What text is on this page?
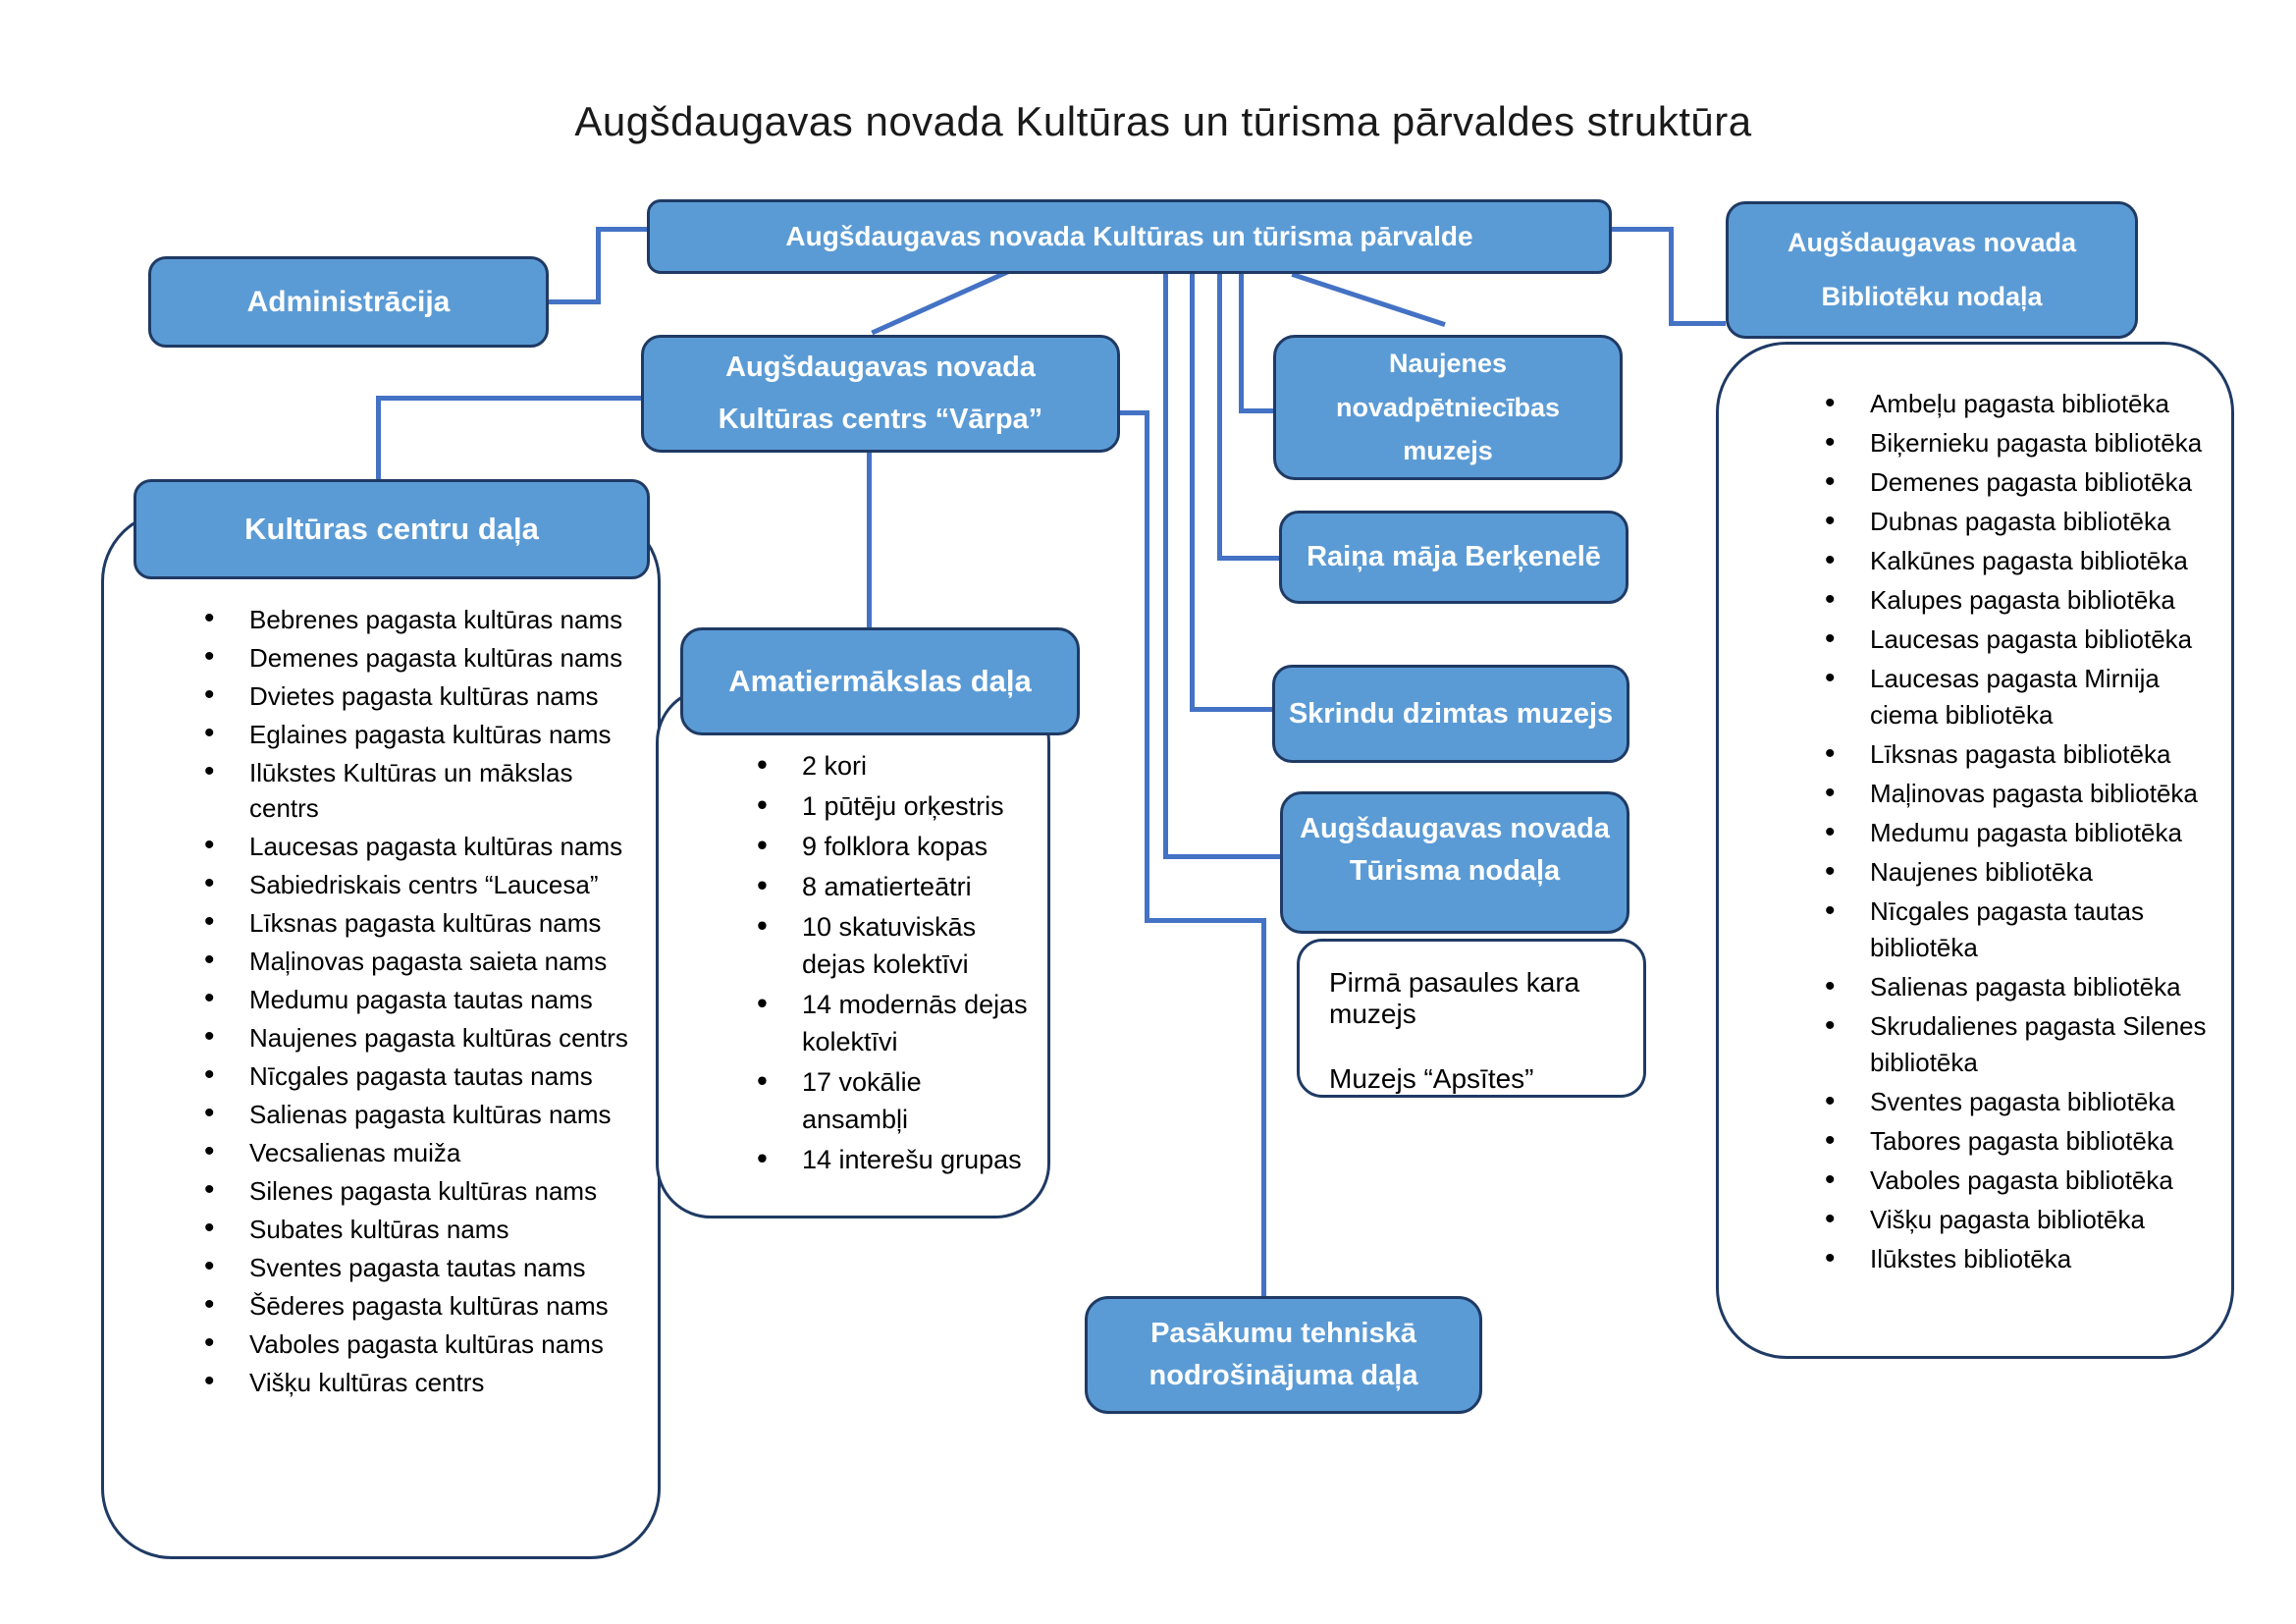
Augšdaugavas novada Kultūras un tūrisma pārvaldes struktūra
• Bebrenes pagasta kultūras nams
• Demenes pagasta kultūras nams
• Dvietes pagasta kultūras nams
• Eglaines pagasta kultūras nams
• Ilūkstes Kultūras un mākslas centrs
• Laucesas pagasta kultūras nams
• Sabiedriskais centrs “Laucesa”
• Līksnas pagasta kultūras nams
• Maļinovas pagasta saieta nams
• Medumu pagasta tautas nams
• Naujenes pagasta kultūras centrs
• Nīcgales pagasta tautas nams
• Salienas pagasta kultūras nams
• Vecsalienas muiža
• Silenes pagasta kultūras nams
• Subates kultūras nams
• Sventes pagasta tautas nams
• Šēderes pagasta kultūras nams
• Vaboles pagasta kultūras nams
• Višķu kultūras centrs
• 2 kori
• 1 pūtēju orķestris
• 9 folklora kopas
• 8 amatierteātri
• 10 skatuviskās dejas kolektīvi
• 14 modernās dejas kolektīvi
• 17 vokālie ansambļi
• 14 interešu grupas
• Ambeļu pagasta bibliotēka
• Biķernieku pagasta bibliotēka
• Demenes pagasta bibliotēka
• Dubnas pagasta bibliotēka
• Kalkūnes pagasta bibliotēka
• Kalupes pagasta bibliotēka
• Laucesas pagasta bibliotēka
• Laucesas pagasta Mirnija ciema bibliotēka
• Līksnas pagasta bibliotēka
• Maļinovas pagasta bibliotēka
• Medumu pagasta bibliotēka
• Naujenes bibliotēka
• Nīcgales pagasta tautas bibliotēka
• Salienas pagasta bibliotēka
• Skrudalienes pagasta Silenes bibliotēka
• Sventes pagasta bibliotēka
• Tabores pagasta bibliotēka
• Vaboles pagasta bibliotēka
• Višķu pagasta bibliotēka
• Ilūkstes bibliotēka
Augšdaugavas novada Kultūras un tūrisma pārvalde
Administrācija
Augšdaugavas novada
Bibliotēku nodaļa
Augšdaugavas novada
Kultūras centrs “Vārpa”
Kultūras centru daļa
Amatiermākslas daļa
Naujenes novadpētniecības muzejs
Raiņa māja Berķenelē
Skrindu dzimtas muzejs
Augšdaugavas novada
Tūrisma nodaļa
Pirmā pasaules kara muzejs
Muzejs “Apsītes”
Pasākumu tehniskā nodrošinājuma daļa
